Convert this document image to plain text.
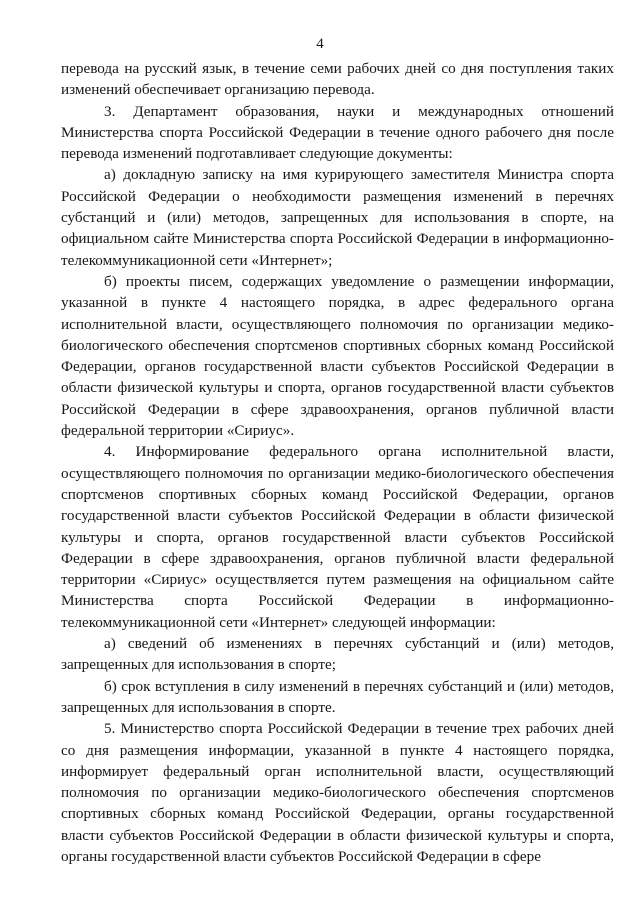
4

перевода на русский язык, в течение семи рабочих дней со дня поступления таких изменений обеспечивает организацию перевода.

3. Департамент образования, науки и международных отношений Министерства спорта Российской Федерации в течение одного рабочего дня после перевода изменений подготавливает следующие документы:

а) докладную записку на имя курирующего заместителя Министра спорта Российской Федерации о необходимости размещения изменений в перечнях субстанций и (или) методов, запрещенных для использования в спорте, на официальном сайте Министерства спорта Российской Федерации в информационно-телекоммуникационной сети «Интернет»;

б) проекты писем, содержащих уведомление о размещении информации, указанной в пункте 4 настоящего порядка, в адрес федерального органа исполнительной власти, осуществляющего полномочия по организации медико-биологического обеспечения спортсменов спортивных сборных команд Российской Федерации, органов государственной власти субъектов Российской Федерации в области физической культуры и спорта, органов государственной власти субъектов Российской Федерации в сфере здравоохранения, органов публичной власти федеральной территории «Сириус».

4. Информирование федерального органа исполнительной власти, осуществляющего полномочия по организации медико-биологического обеспечения спортсменов спортивных сборных команд Российской Федерации, органов государственной власти субъектов Российской Федерации в области физической культуры и спорта, органов государственной власти субъектов Российской Федерации в сфере здравоохранения, органов публичной власти федеральной территории «Сириус» осуществляется путем размещения на официальном сайте Министерства спорта Российской Федерации в информационно-телекоммуникационной сети «Интернет» следующей информации:

а) сведений об изменениях в перечнях субстанций и (или) методов, запрещенных для использования в спорте;

б) срок вступления в силу изменений в перечнях субстанций и (или) методов, запрещенных для использования в спорте.

5. Министерство спорта Российской Федерации в течение трех рабочих дней со дня размещения информации, указанной в пункте 4 настоящего порядка, информирует федеральный орган исполнительной власти, осуществляющий полномочия по организации медико-биологического обеспечения спортсменов спортивных сборных команд Российской Федерации, органы государственной власти субъектов Российской Федерации в области физической культуры и спорта, органы государственной власти субъектов Российской Федерации в сфере
